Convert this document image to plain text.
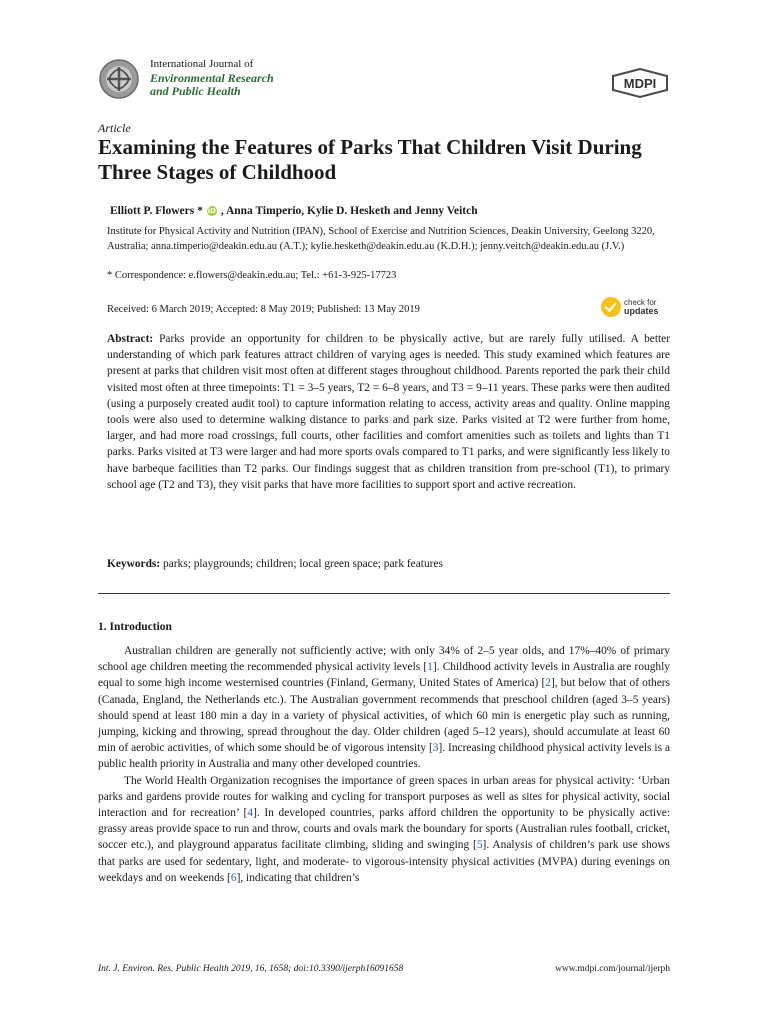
International Journal of
Environmental Research
and Public Health	MDPI
Article
Examining the Features of Parks That Children Visit During Three Stages of Childhood
Elliott P. Flowers * iD , Anna Timperio, Kylie D. Hesketh and Jenny Veitch
Institute for Physical Activity and Nutrition (IPAN), School of Exercise and Nutrition Sciences, Deakin University, Geelong 3220, Australia; anna.timperio@deakin.edu.au (A.T.); kylie.hesketh@deakin.edu.au (K.D.H.); jenny.veitch@deakin.edu.au (J.V.)
* Correspondence: e.flowers@deakin.edu.au; Tel.: +61-3-925-17723
Received: 6 March 2019; Accepted: 8 May 2019; Published: 13 May 2019
check for
updates
Abstract: Parks provide an opportunity for children to be physically active, but are rarely fully utilised. A better understanding of which park features attract children of varying ages is needed. This study examined which features are present at parks that children visit most often at different stages throughout childhood. Parents reported the park their child visited most often at three timepoints: T1 = 3–5 years, T2 = 6–8 years, and T3 = 9–11 years. These parks were then audited (using a purposely created audit tool) to capture information relating to access, activity areas and quality. Online mapping tools were also used to determine walking distance to parks and park size. Parks visited at T2 were further from home, larger, and had more road crossings, full courts, other facilities and comfort amenities such as toilets and lights than T1 parks. Parks visited at T3 were larger and had more sports ovals compared to T1 parks, and were significantly less likely to have barbeque facilities than T2 parks. Our findings suggest that as children transition from pre-school (T1), to primary school age (T2 and T3), they visit parks that have more facilities to support sport and active recreation.
Keywords: parks; playgrounds; children; local green space; park features
1. Introduction

Australian children are generally not sufficiently active; with only 34% of 2–5 year olds, and 17%–40% of primary school age children meeting the recommended physical activity levels [1]. Childhood activity levels in Australia are roughly equal to some high income westernised countries (Finland, Germany, United States of America) [2], but below that of others (Canada, England, the Netherlands etc.). The Australian government recommends that preschool children (aged 3–5 years) should spend at least 180 min a day in a variety of physical activities, of which 60 min is energetic play such as running, jumping, kicking and throwing, spread throughout the day. Older children (aged 5–12 years), should accumulate at least 60 min of aerobic activities, of which some should be of vigorous intensity [3]. Increasing childhood physical activity levels is a public health priority in Australia and many other developed countries.

The World Health Organization recognises the importance of green spaces in urban areas for physical activity: ‘Urban parks and gardens provide routes for walking and cycling for transport purposes as well as sites for physical activity, social interaction and for recreation’ [4]. In developed countries, parks afford children the opportunity to be physically active: grassy areas provide space to run and throw, courts and ovals mark the boundary for sports (Australian rules football, cricket, soccer etc.), and playground apparatus facilitate climbing, sliding and swinging [5]. Analysis of children’s park use shows that parks are used for sedentary, light, and moderate- to vigorous-intensity physical activities (MVPA) during evenings on weekdays and on weekends [6], indicating that children’s

Int. J. Environ. Res. Public Health 2019, 16, 1658; doi:10.3390/ijerph16091658	www.mdpi.com/journal/ijerph
